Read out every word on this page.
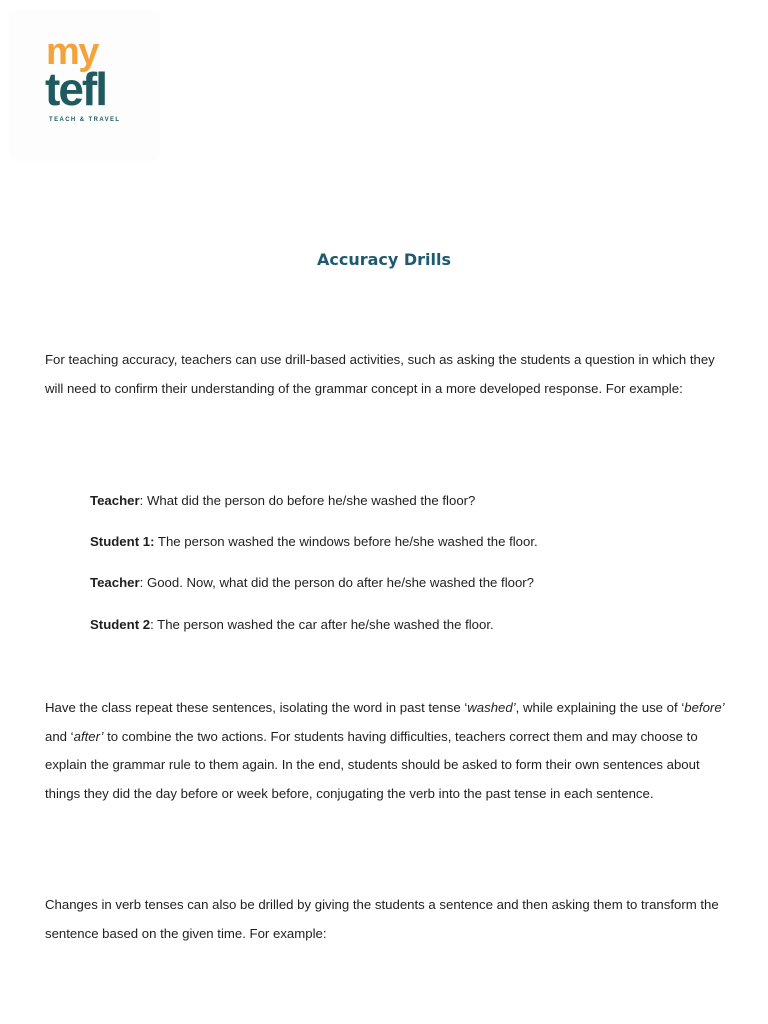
my
tefl
TEACH & TRAVEL
Accuracy Drills

For teaching accuracy, teachers can use drill-based activities, such as asking the students a question in which they will need to confirm their understanding of the grammar concept in a more developed response. For example:

Teacher: What did the person do before he/she washed the floor?

Student 1: The person washed the windows before he/she washed the floor.

Teacher: Good. Now, what did the person do after he/she washed the floor?

Student 2: The person washed the car after he/she washed the floor.

Have the class repeat these sentences, isolating the word in past tense ‘washed’, while explaining the use of ‘before’ and ‘after’ to combine the two actions. For students having difficulties, teachers correct them and may choose to explain the grammar rule to them again. In the end, students should be asked to form their own sentences about things they did the day before or week before, conjugating the verb into the past tense in each sentence.

Changes in verb tenses can also be drilled by giving the students a sentence and then asking them to transform the sentence based on the given time. For example:
